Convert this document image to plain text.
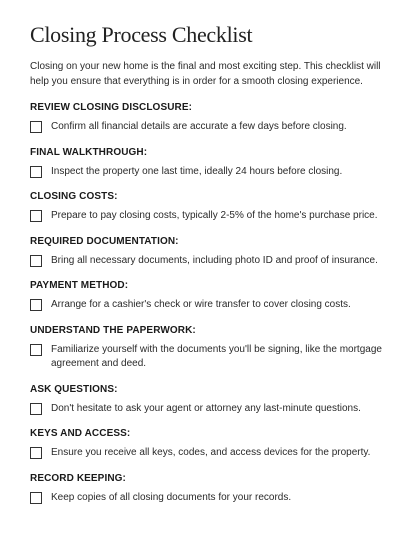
Closing Process Checklist

Closing on your new home is the final and most exciting step. This checklist will help you ensure that everything is in order for a smooth closing experience.

REVIEW CLOSING DISCLOSURE:
Confirm all financial details are accurate a few days before closing.
FINAL WALKTHROUGH:
Inspect the property one last time, ideally 24 hours before closing.
CLOSING COSTS:
Prepare to pay closing costs, typically 2-5% of the home's purchase price.
REQUIRED DOCUMENTATION:
Bring all necessary documents, including photo ID and proof of insurance.
PAYMENT METHOD:
Arrange for a cashier's check or wire transfer to cover closing costs.
UNDERSTAND THE PAPERWORK:
Familiarize yourself with the documents you'll be signing, like the mortgage agreement and deed.
ASK QUESTIONS:
Don't hesitate to ask your agent or attorney any last-minute questions.
KEYS AND ACCESS:
Ensure you receive all keys, codes, and access devices for the property.
RECORD KEEPING:
Keep copies of all closing documents for your records.
